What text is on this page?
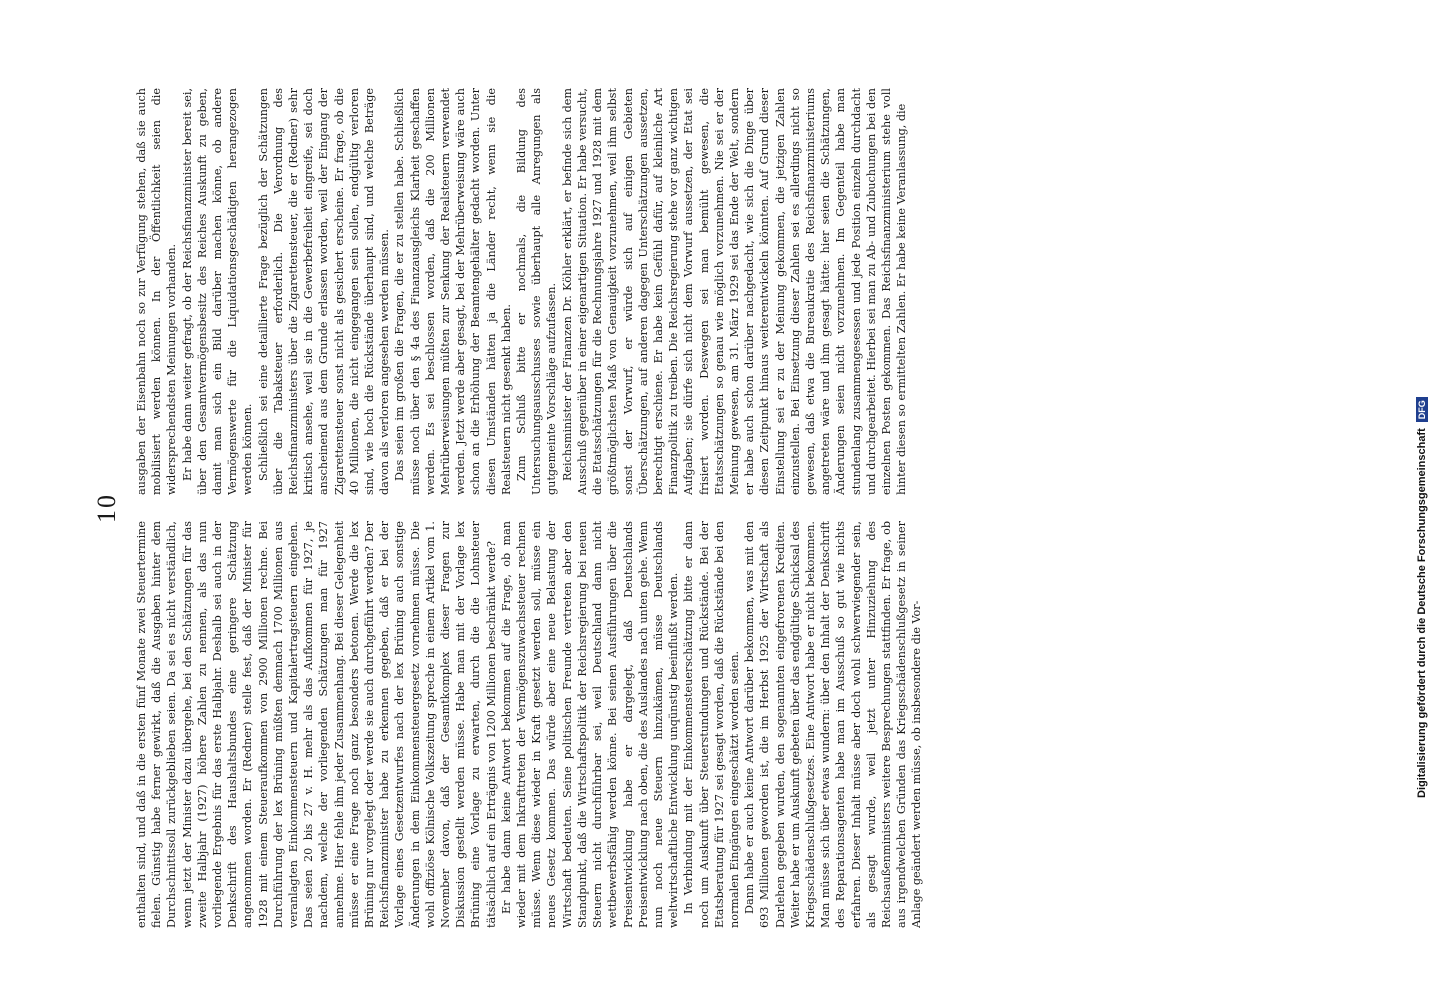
10

enthalten sind, und daß in die ersten fünf Monate zwei Steuertermine fielen. Günstig habe ferner gewirkt, daß die Ausgaben hinter dem Durchschnittssoll zurückgeblieben seien. Da sei es nicht verständlich, wenn jetzt der Minister dazu übergehe, bei den Schätzungen für das zweite Halbjahr (1927) höhere Zahlen zu nennen, als das nun vorliegende Ergebnis für das erste Halbjahr. Deshalb sei auch in der Denkschrift des Haushaltsbundes eine geringere Schätzung angenommen worden. Er (Redner) stelle fest, daß der Minister für 1928 mit einem Steueraufkommen von 2900 Millionen rechne. Bei Durchführung der lex Brüning müßten demnach 1700 Millionen aus veranlagten Einkommensteuern und Kapitalertragsteuern eingehen. Das seien 20 bis 27 v. H. mehr als das Aufkommen für 1927, je nachdem, welche der vorliegenden Schätzungen man für 1927 annehme. Hier fehle ihm jeder Zusammenhang. Bei dieser Gelegenheit müsse er eine Frage noch ganz besonders betonen. Werde die lex Brüning nur vorgelegt oder werde sie auch durchgeführt werden? Der Reichsfinanzminister habe zu erkennen gegeben, daß er bei der Vorlage eines Gesetzentwurfes nach der lex Brüning auch sonstige Änderungen in dem Einkommensteuergesetz vornehmen müsse. Die wohl offiziöse Kölnische Volkszeitung spreche in einem Artikel vom 1. November davon, daß der Gesamtkomplex dieser Fragen zur Diskussion gestellt werden müsse. Habe man mit der Vorlage lex Brüning eine Vorlage zu erwarten, durch die die Lohnsteuer tätsächlich auf ein Erträgnis von 1200 Millionen beschränkt werde? Er habe dann keine Antwort bekommen auf die Frage, ob man wieder mit dem Inkrafttreten der Vermögenszuwachssteuer rechnen müsse. Wenn diese wieder in Kraft gesetzt werden soll, müsse ein neues Gesetz kommen. Das würde aber eine neue Belastung der Wirtschaft bedeuten. Seine politischen Freunde vertreten aber den Standpunkt, daß die Wirtschaftspolitik der Reichsregierung bei neuen Steuern nicht durchführbar sei, weil Deutschland dann nicht wettbewerbsfähig werden könne. Bei seinen Ausführungen über die Preisentwicklung habe er dargelegt, daß Deutschlands Preisentwicklung nach oben, die des Auslandes nach unten gehe. Wenn nun noch neue Steuern hinzukämen, müsse Deutschlands weltwirtschaftliche Entwicklung unqünstig beeinflußt werden. In Verbindung mit der Einkommensteuerschätzung bitte er dann noch um Auskunft über Steuerstundungen und Rückstände. Bei der Etatsberatung für 1927 sei gesagt worden, daß die Rückstände bei den normalen Eingängen eingeschätzt worden seien. Dann habe er auch keine Antwort darüber bekommen, was mit den 693 Millionen geworden ist, die im Herbst 1925 der Wirtschaft als Darlehen gegeben wurden, den sogenannten eingefrorenen Krediten. Weiter habe er um Auskunft gebeten über das endgültige Schicksal des Kriegsschädenschlußgesetzes. Eine Antwort habe er nicht bekommen. Man müsse sich über etwas wundern: über den Inhalt der Denkschrift des Reparationsagenten habe man im Ausschuß so gut wie nichts erfahren. Dieser Inhalt müsse aber doch wohl schwerwiegender sein, als gesagt wurde, weil jetzt unter Hinzuziehung des Reichsaußenministers weitere Besprechungen stattfinden. Er frage, ob aus irgendwelchen Gründen das Kriegsschädenschlußgesetz in seiner Anlage geändert werden müsse, ob insbesondere die Vor-

ausgaben der Eisenbahn noch so zur Verfügung stehen, daß sie auch mobilisiert werden können. In der Öffentlichkeit seien die widersprechendsten Meinungen vorhanden. Er habe dann weiter gefragt, ob der Reichsfinanzminister bereit sei, über den Gesamtvermögensbesitz des Reiches Auskunft zu geben, damit man sich ein Bild darüber machen könne, ob andere Vermögenswerte für die Liquidationsgeschädigten herangezogen werden können. Schließlich sei eine detaillierte Frage bezüglich der Schätzungen über die Tabaksteuer erforderlich. Die Verordnung des Reichsfinanzministers über die Zigarettensteuer, die er (Redner) sehr kritisch ansehe, weil sie in die Gewerbefreiheit eingreife, sei doch anscheinend aus dem Grunde erlassen worden, weil der Eingang der Zigarettensteuer sonst nicht als gesichert erscheine. Er frage, ob die 40 Millionen, die nicht eingegangen sein sollen, endgültig verloren sind, wie hoch die Rückstände überhaupt sind, und welche Beträge davon als verloren angesehen werden müssen. Das seien im großen die Fragen, die er zu stellen habe. Schließlich müsse noch über den § 4a des Finanzausgleichs Klarheit geschaffen werden. Es sei beschlossen worden, daß die 200 Millionen Mehrüberweisungen müßten zur Senkung der Realsteuern verwendet werden. Jetzt werde aber gesagt, bei der Mehrüberweisung wäre auch schon an die Erhöhung der Beamtengehälter gedacht worden. Unter diesen Umständen hätten ja die Länder recht, wenn sie die Realsteuern nicht gesenkt haben. Zum Schluß bitte er nochmals, die Bildung des Untersuchungsausschusses sowie überhaupt alle Anregungen als gutgemeinte Vorschläge aufzufassen. Reichsminister der Finanzen Dr. Köhler erklärt, er befinde sich dem Ausschuß gegenüber in einer eigenartigen Situation. Er habe versucht, die Etatsschätzungen für die Rechnungsjahre 1927 und 1928 mit dem größtmöglichsten Maß von Genauigkeit vorzunehmen, weil ihm selbst sonst der Vorwurf, er würde sich auf einigen Gebieten Überschätzungen, auf anderen dagegen Unterschätzungen aussetzen, berechtigt erschiene. Er habe kein Gefühl dafür, auf kleinliche Art Finanzpolitik zu treiben. Die Reichsregierung stehe vor ganz wichtigen Aufgaben; sie dürfe sich nicht dem Vorwurf aussetzen, der Etat sei frisiert worden. Deswegen sei man bemüht gewesen, die Etatsschätzungen so genau wie möglich vorzunehmen. Nie sei er der Meinung gewesen, am 31. März 1929 sei das Ende der Welt, sondern er habe auch schon darüber nachgedacht, wie sich die Dinge über diesen Zeitpunkt hinaus weiterentwickeln könnten. Auf Grund dieser Einstellung sei er zu der Meinung gekommen, die jetzigen Zahlen einzustellen. Bei Einsetzung dieser Zahlen sei es allerdings nicht so gewesen, daß etwa die Bureaukratie des Reichsfinanzministeriums angetreten wäre und ihm gesagt hätte: hier seien die Schätzungen, Änderungen seien nicht vorzunehmen. Im Gegenteil habe man stundenlang zusammengesessen und jede Position einzeln durchdacht und durchgearbeitet. Hierbei sei man zu Ab- und Zubuchungen bei den einzelnen Posten gekommen. Das Reichsfinanzministerium stehe voll hinter diesen so ermittelten Zahlen. Er habe keine Veranlassung, die

Digitalisierung gefördert durch die Deutsche Forschungsgemeinschaft
DFG
